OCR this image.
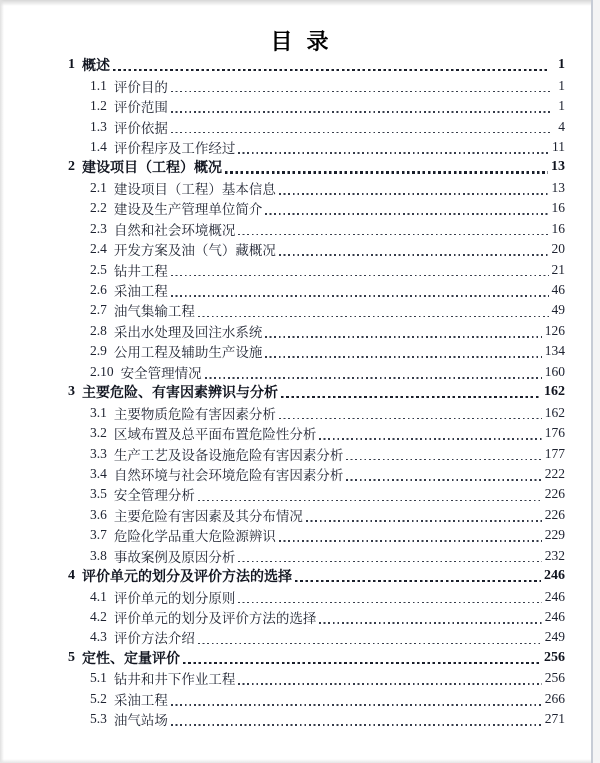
目  录
1 概述	1
1.1 评价目的	1
1.2 评价范围	1
1.3 评价依据	4
1.4 评价程序及工作经过	11
2 建设项目（工程）概况	13
2.1 建设项目（工程）基本信息	13
2.2 建设及生产管理单位简介	16
2.3 自然和社会环境概况	16
2.4 开发方案及油（气）藏概况	20
2.5 钻井工程	21
2.6 采油工程	46
2.7 油气集输工程	49
2.8 采出水处理及回注水系统	126
2.9 公用工程及辅助生产设施	134
2.10 安全管理情况	160
3 主要危险、有害因素辨识与分析	162
3.1 主要物质危险有害因素分析	162
3.2 区域布置及总平面布置危险性分析	176
3.3 生产工艺及设备设施危险有害因素分析	177
3.4 自然环境与社会环境危险有害因素分析	222
3.5 安全管理分析	226
3.6 主要危险有害因素及其分布情况	226
3.7 危险化学品重大危险源辨识	229
3.8 事故案例及原因分析	232
4 评价单元的划分及评价方法的选择	246
4.1 评价单元的划分原则	246
4.2 评价单元的划分及评价方法的选择	246
4.3 评价方法介绍	249
5 定性、定量评价	256
5.1 钻井和井下作业工程	256
5.2 采油工程	266
5.3 油气站场	271
